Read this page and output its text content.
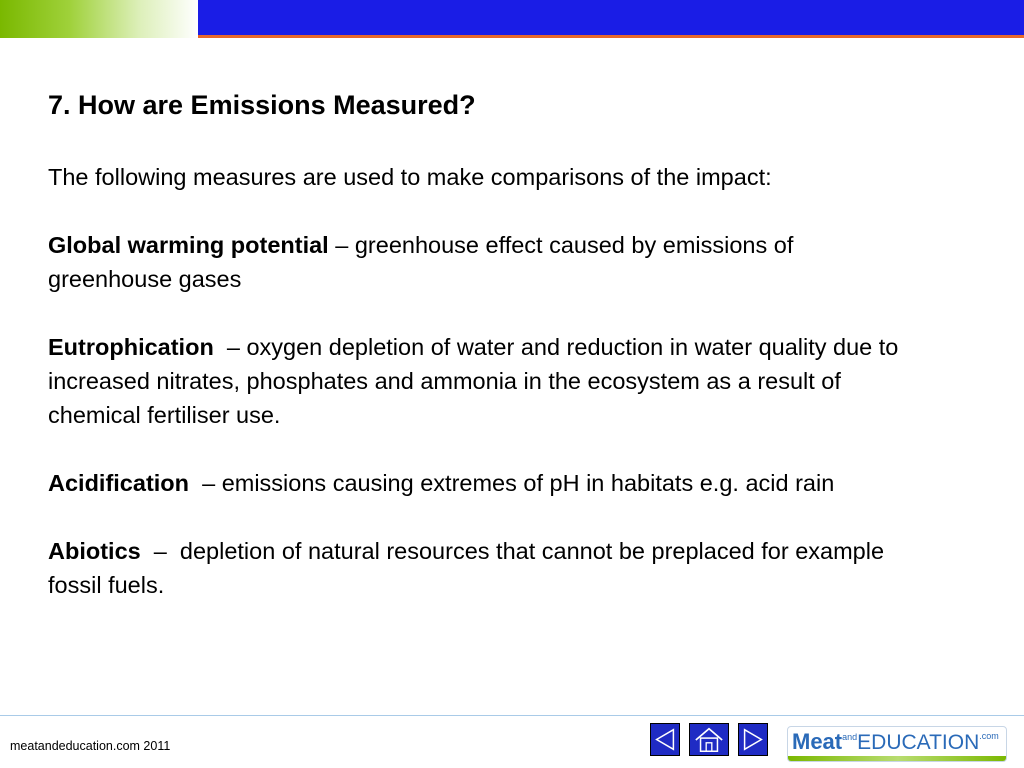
7. How are Emissions Measured?

The following measures are used to make comparisons of the impact:

Global warming potential – greenhouse effect caused by emissions of greenhouse gases

Eutrophication  – oxygen depletion of water and reduction in water quality due to increased nitrates, phosphates and ammonia in the ecosystem as a result of chemical fertiliser use.

Acidification  – emissions causing extremes of pH in habitats e.g. acid rain

Abiotics  –  depletion of natural resources that cannot be preplaced for example fossil fuels.

meatandeducation.com 2011	$Meat^{and}EDUCATION^{.com}$
